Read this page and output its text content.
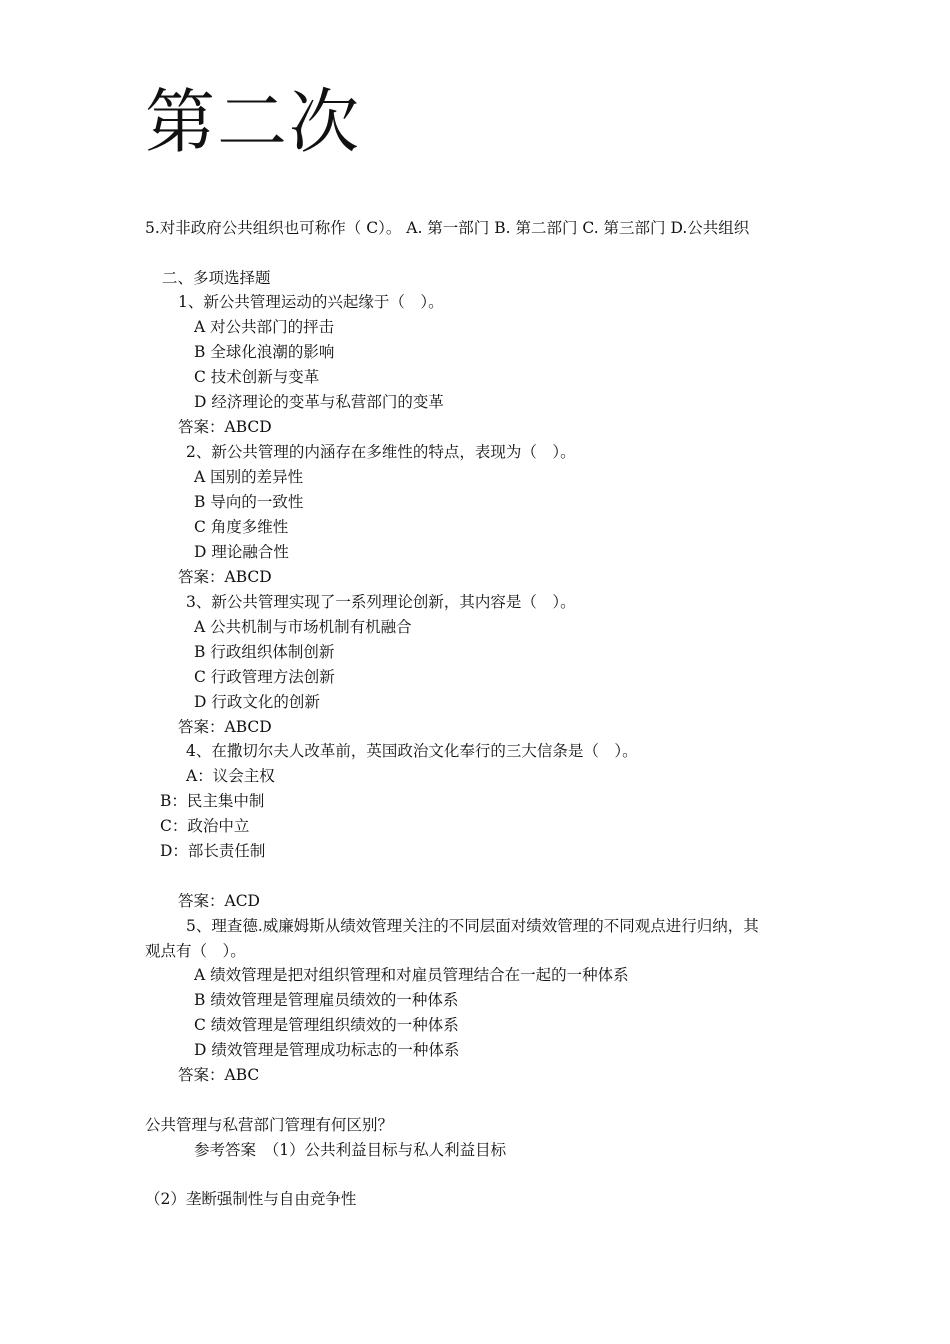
第二次
5.对非政府公共组织也可称作（ C）。 A. 第一部门 B. 第二部门 C. 第三部门 D.公共组织
二、多项选择题
1、新公共管理运动的兴起缘于（　）。
A 对公共部门的抨击
B 全球化浪潮的影响
C 技术创新与变革
D 经济理论的变革与私营部门的变革
答案：ABCD
2、新公共管理的内涵存在多维性的特点，表现为（　）。
A 国别的差异性
B 导向的一致性
C 角度多维性
D 理论融合性
答案：ABCD
3、新公共管理实现了一系列理论创新，其内容是（　）。
A 公共机制与市场机制有机融合
B 行政组织体制创新
C 行政管理方法创新
D 行政文化的创新
答案：ABCD
4、在撒切尔夫人改革前，英国政治文化奉行的三大信条是（　）。
A：议会主权
B：民主集中制
C：政治中立
D：部长责任制
答案：ACD
5、理查德.威廉姆斯从绩效管理关注的不同层面对绩效管理的不同观点进行归纳，其
观点有（　）。
A 绩效管理是把对组织管理和对雇员管理结合在一起的一种体系
B 绩效管理是管理雇员绩效的一种体系
C 绩效管理是管理组织绩效的一种体系
D 绩效管理是管理成功标志的一种体系
答案：ABC
公共管理与私营部门管理有何区别？
参考答案　（1）公共利益目标与私人利益目标
（2）垄断强制性与自由竞争性
